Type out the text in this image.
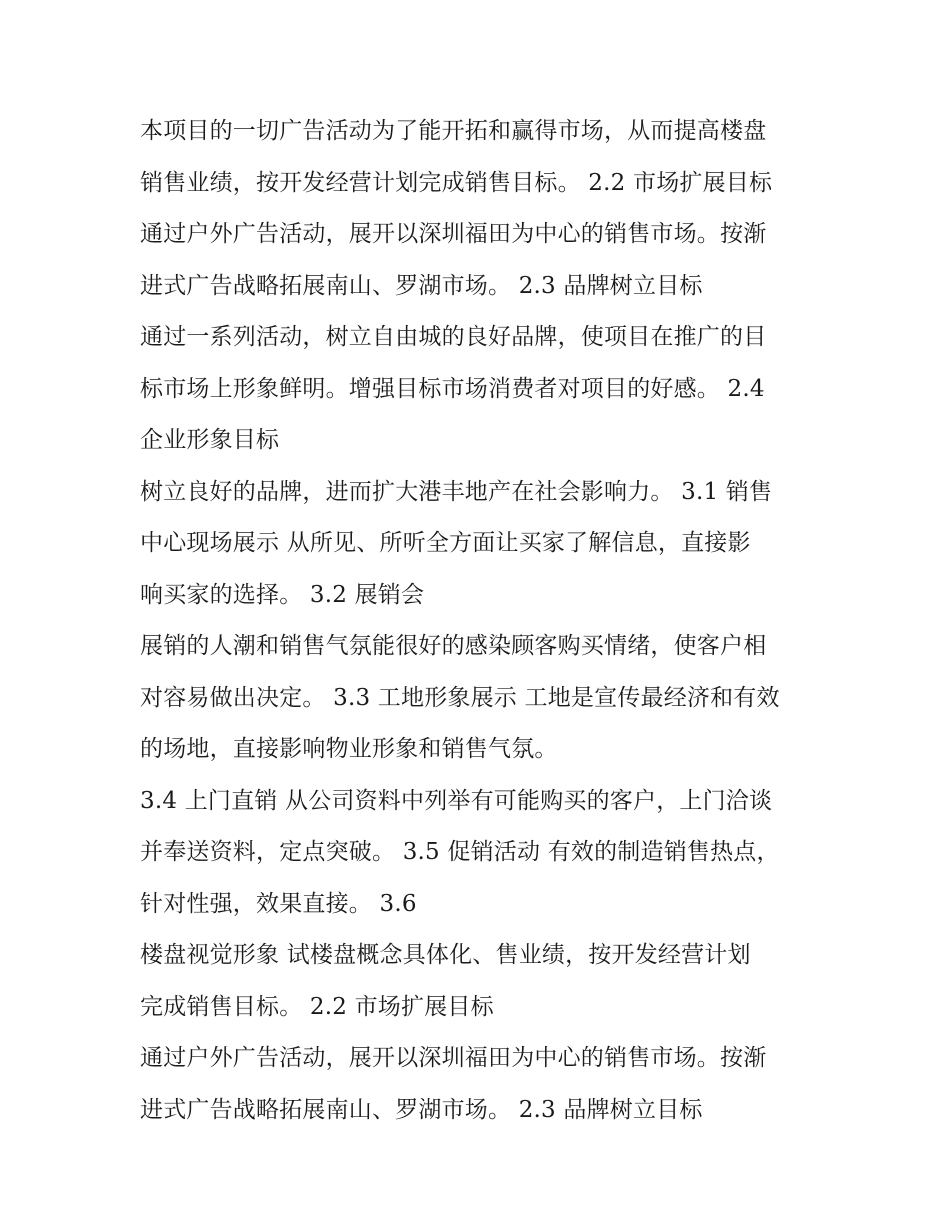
本项目的一切广告活动为了能开拓和赢得市场，从而提高楼盘
销售业绩，按开发经营计划完成销售目标。 2.2 市场扩展目标
通过户外广告活动，展开以深圳福田为中心的销售市场。按渐
进式广告战略拓展南山、罗湖市场。 2.3 品牌树立目标
通过一系列活动，树立自由城的良好品牌，使项目在推广的目
标市场上形象鲜明。增强目标市场消费者对项目的好感。 2.4
企业形象目标
树立良好的品牌，进而扩大港丰地产在社会影响力。 3.1 销售
中心现场展示 从所见、所听全方面让买家了解信息，直接影
响买家的选择。 3.2 展销会
展销的人潮和销售气氛能很好的感染顾客购买情绪，使客户相
对容易做出决定。 3.3 工地形象展示 工地是宣传最经济和有效
的场地，直接影响物业形象和销售气氛。
3.4 上门直销 从公司资料中列举有可能购买的客户，上门洽谈
并奉送资料，定点突破。 3.5 促销活动 有效的制造销售热点，
针对性强，效果直接。 3.6
楼盘视觉形象 试楼盘概念具体化、售业绩，按开发经营计划
完成销售目标。 2.2 市场扩展目标
通过户外广告活动，展开以深圳福田为中心的销售市场。按渐
进式广告战略拓展南山、罗湖市场。 2.3 品牌树立目标
